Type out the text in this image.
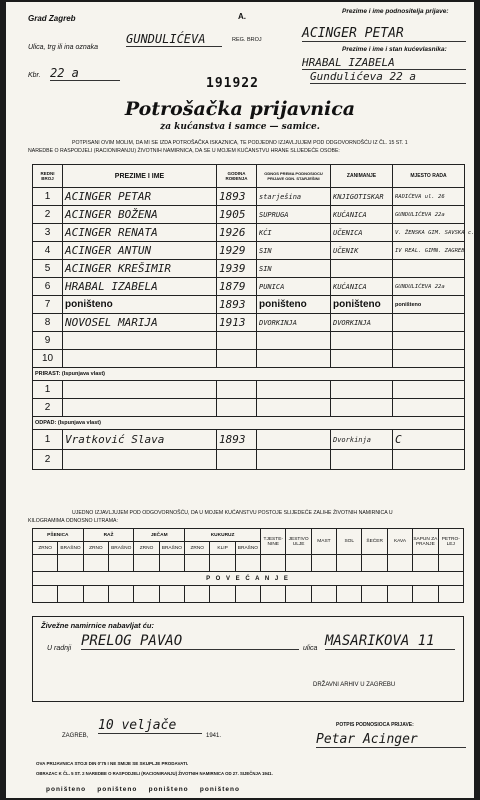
Grad Zagreb	A.
REG. BROJ
Ulica, trg ili ina oznaka
GUNDULIĆEVA
Kbr. 22 a
191922
Prezime i ime podnositelja prijave:
ACINGER PETAR
Prezime i ime i stan kućevlasnika:
HRABAL IZABELA
Gundulićeva 22 a
Potrošačka prijavnica
za kućanstva i samce — samice.
POTPISANI OVIM MOLIM, DA MI SE IZDA POTROŠAČKA ISKAZNICA, TE PODJEDNO IZJAVLJUJEM POD ODGOVORNOŠĆU IZ ČL. 15 ST. 1
NAREDBE O RASPODJELI (RACIONIRANJU) ŽIVOTNIH NAMIRNICA, DA SE U MOJEM KUĆANSTVU HRANE SLIJEDEĆE OSOBE:
REDNI BROJ	PREZIME I IME	GODINA ROĐENJA	ODNOS PREMA PODNOSIOCU PRIJAVE ODN. STARJEŠINI	ZANIMANJE	MJESTO RADA
1	ACINGER PETAR	1893	starješina	KNJIGOTISKAR	RADIĆEVA ul. 26
2	ACINGER BOŽENA	1905	SUPRUGA	KUĆANICA	GUNDULIĆEVA 22a
3	ACINGER RENATA	1926	KĆI	UČENICA	V. ŽENSKA GIM. SAVSKA c.
4	ACINGER ANTUN	1929	SIN	UČENIK	IV REAL. GIMN. ZAGREB
5	ACINGER KREŠIMIR	1939	SIN		
6	HRABAL IZABELA	1879	PUNICA	KUĆANICA	GUNDULIĆEVA 22a
7	poništeno	1893	poništeno	poništeno	poništeno
8	NOVOSEL MARIJA	1913	DVORKINJA	DVORKINJA	
9					
10					
PRIRAST: (Ispunjava vlast)					
1					
2					
ODPAD: (Ispunjava vlast)					
1	Vratković Slava	1893		Dvorkinja	C
2					
UJEDNO IZJAVLJUJEM POD ODGOVORNOŠĆU, DA U MOJEM KUĆANSTVU POSTOJE SLIJEDEĆE ZALIHE ŽIVOTNIH NAMIRNICA U
KILOGRAMIMA ODNOSNO LITRAMA:
PŠENICA		RAŽ		JEČAM		KUKURUZ			TJESTE-NINE	JESTIVO ULJE	MAST	SOL	ŠEĆER	KAVA	SAPUN ZA PRANJE	PETRO-LEJ
ZRNO	BRAŠNO	ZRNO	BRAŠNO	ZRNO	BRAŠNO	ZRNO	KLIP	BRAŠNO								

P O V E Ć A N J E																

Živežne namirnice nabavljat ću:
U radnji PRELOG PAVAO	ulica MASARIKOVA 11
DRŽAVNI ARHIV U ZAGREBU
ZAGREB,
10 veljače
1941.
POTPIS PODNOSIOCA PRIJAVE:
Petar Acinger
OVA PRIJAVNICA STOJI DIN 0'75 I NE SMIJE SE SKUPLJE PRODAVATI.
OBRAZAC K ČL. 5 ST. 2 NAREDBE O RASPODJELI (RACIONIRANJU) ŽIVOTNIH NAMIRNICA OD 27. SIJEČNJA 1941.
poništeno poništeno poništeno poništeno
